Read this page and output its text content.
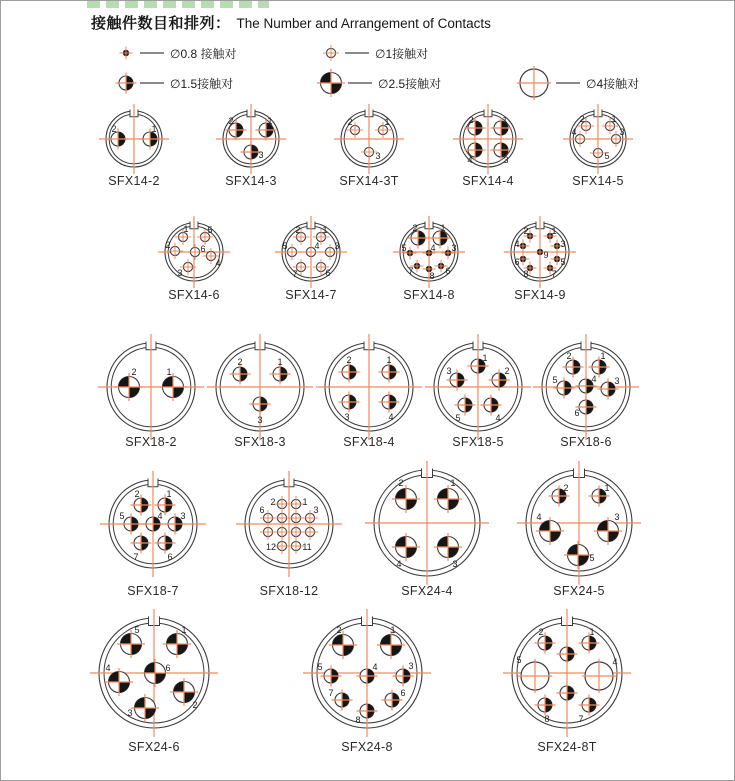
接触件数目和排列： The Number and Arrangement of Contacts
∅0.8 接触对	∅1接触对
∅1.5接触对	∅2.5接触对	∅4接触对
2	1
SFX14-2
2	1
3
SFX14-3
2	1
3
SFX14-3T
2	1
4	3
SFX14-4
2	1
4	3
5
SFX14-5
1 5
2	6
4
3
SFX14-6
2 1
5	4 3
7	6
SFX14-7
2	1
5	4 3
7 8 6
SFX14-8
2	1
4	3
9
6	5
8	7
SFX14-9
2	1
SFX18-2
2	1
3
SFX18-3
2	1
3	4
SFX18-4
1
3	2
5	4
SFX18-5
2	1
5	4 3
6
SFX18-6
2	1
5	4 3
7	6
SFX18-7
2	1
6	3
12	11
SFX18-12
2	1
4	3
SFX24-4
2	1
4	3
5
SFX24-5
5	1
4	6
2
3
SFX24-6
2	1
5	4	3
7	6
8
SFX24-8
2	1
5	4
8	7
SFX24-8T
